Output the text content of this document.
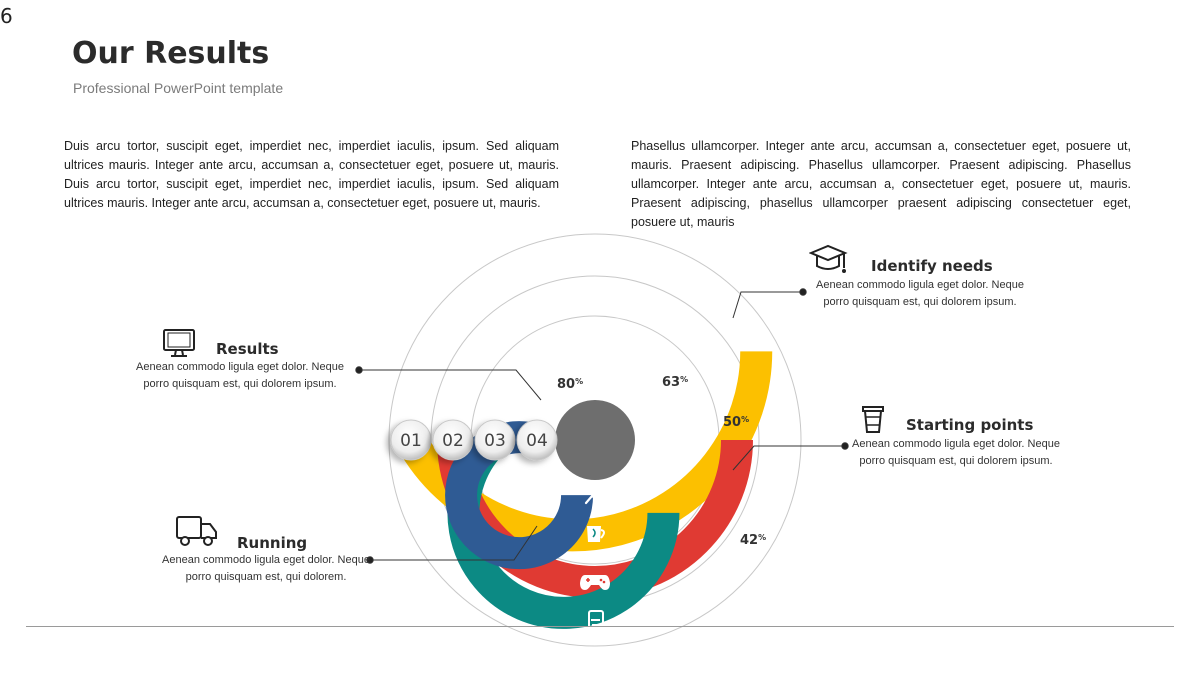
6
Our Results
Professional PowerPoint template

Duis arcu tortor, suscipit eget, imperdiet nec, imperdiet iaculis, ipsum. Sed aliquam ultrices mauris. Integer ante arcu, accumsan a, consectetuer eget, posuere ut, mauris. Duis arcu tortor, suscipit eget, imperdiet nec, imperdiet iaculis, ipsum. Sed aliquam ultrices mauris. Integer ante arcu, accumsan a, consectetuer eget, posuere ut, mauris.

Phasellus ullamcorper. Integer ante arcu, accumsan a, consectetuer eget, posuere ut, mauris. Praesent adipiscing. Phasellus ullamcorper. Praesent adipiscing. Phasellus ullamcorper. Integer ante arcu, accumsan a, consectetuer eget, posuere ut, mauris. Praesent adipiscing, phasellus ullamcorper praesent adipiscing consectetuer eget, posuere ut, mauris

42%
50%
63%
80%
01 02 03 04
Identify needs

Aenean commodo ligula eget dolor. Neque
porro quisquam est, qui dolorem ipsum.

Results

Aenean commodo ligula eget dolor. Neque
porro quisquam est, qui dolorem ipsum.

Starting points

Aenean commodo ligula eget dolor. Neque
porro quisquam est, qui dolorem ipsum.

Running

Aenean commodo ligula eget dolor. Neque
porro quisquam est, qui dolorem.
